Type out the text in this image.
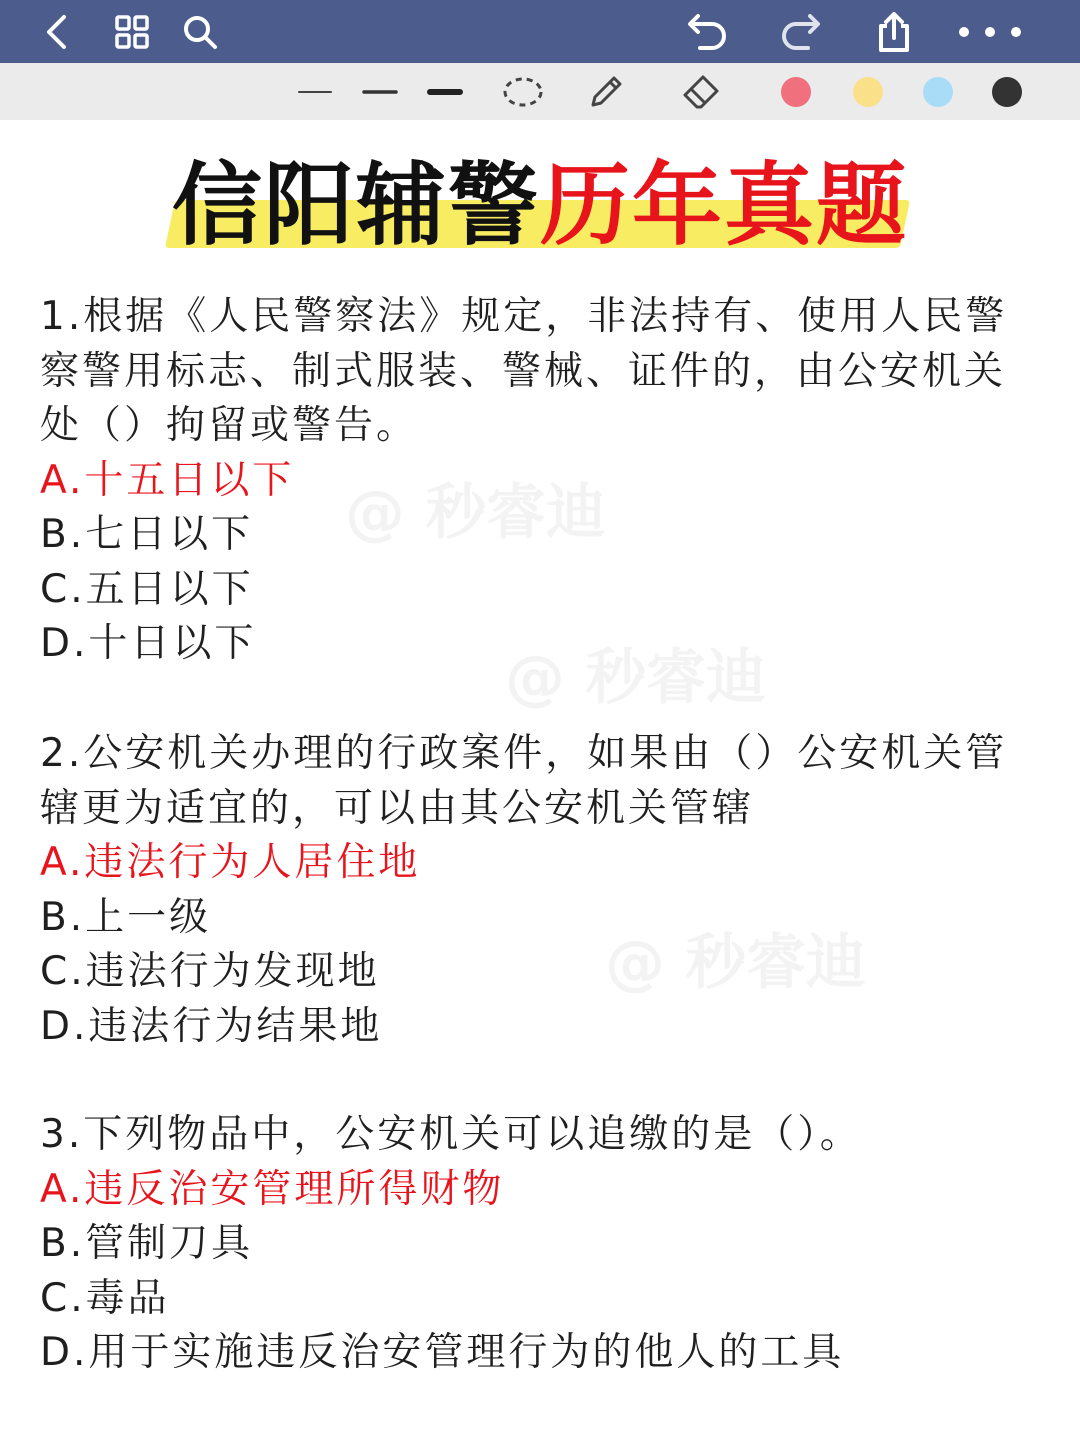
信阳辅警历年真题
1.根据《人民警察法》规定，非法持有、使用人民警
察警用标志、制式服装、警械、证件的，由公安机关
处（）拘留或警告。
A.十五日以下
B.七日以下
C.五日以下
D.十日以下
2.公安机关办理的行政案件，如果由（）公安机关管
辖更为适宜的，可以由其公安机关管辖
A.违法行为人居住地
B.上一级
C.违法行为发现地
D.违法行为结果地
3.下列物品中，公安机关可以追缴的是（）。
A.违反治安管理所得财物
B.管制刀具
C.毒品
D.用于实施违反治安管理行为的他人的工具
